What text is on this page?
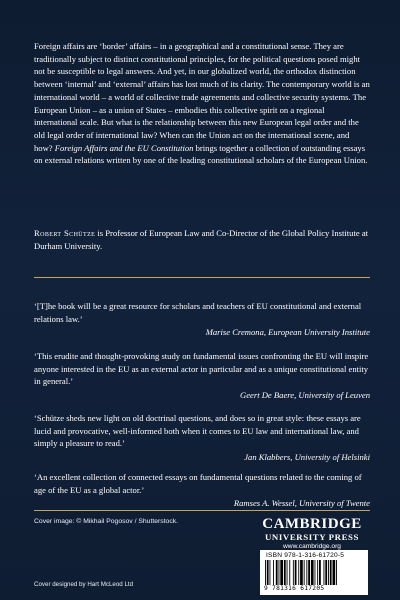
Foreign affairs are ‘border’ affairs – in a geographical and a constitutional sense. They are traditionally subject to distinct constitutional principles, for the political questions posed might not be susceptible to legal answers. And yet, in our globalized world, the orthodox distinction between ‘internal’ and ‘external’ affairs has lost much of its clarity. The contemporary world is an international world – a world of collective trade agreements and collective security systems. The European Union – as a union of States – embodies this collective spirit on a regional international scale. But what is the relationship between this new European legal order and the old legal order of international law? When can the Union act on the international scene, and how? Foreign Affairs and the EU Constitution brings together a collection of outstanding essays on external relations written by one of the leading constitutional scholars of the European Union.

Robert Schütze is Professor of European Law and Co-Director of the Global Policy Institute at Durham University.

‘[T]he book will be a great resource for scholars and teachers of EU constitutional and external relations law.’

Marise Cremona, European University Institute

‘This erudite and thought-provoking study on fundamental issues confronting the EU will inspire anyone interested in the EU as an external actor in particular and as a unique constitutional entity in general.’

Geert De Baere, University of Leuven

‘Schütze sheds new light on old doctrinal questions, and does so in great style: these essays are lucid and provocative, well-informed both when it comes to EU law and international law, and simply a pleasure to read.’

Jan Klabbers, University of Helsinki

‘An excellent collection of connected essays on fundamental questions related to the coming of age of the EU as a global actor.’

Ramses A. Wessel, University of Twente

Cover image: © Mikhail Pogosov / Shutterstock.
Cover designed by Hart McLeod Ltd
CAMBRIDGE
UNIVERSITY PRESS
www.cambridge.org
ISBN 978-1-316-61720-5
9 781316 617205
